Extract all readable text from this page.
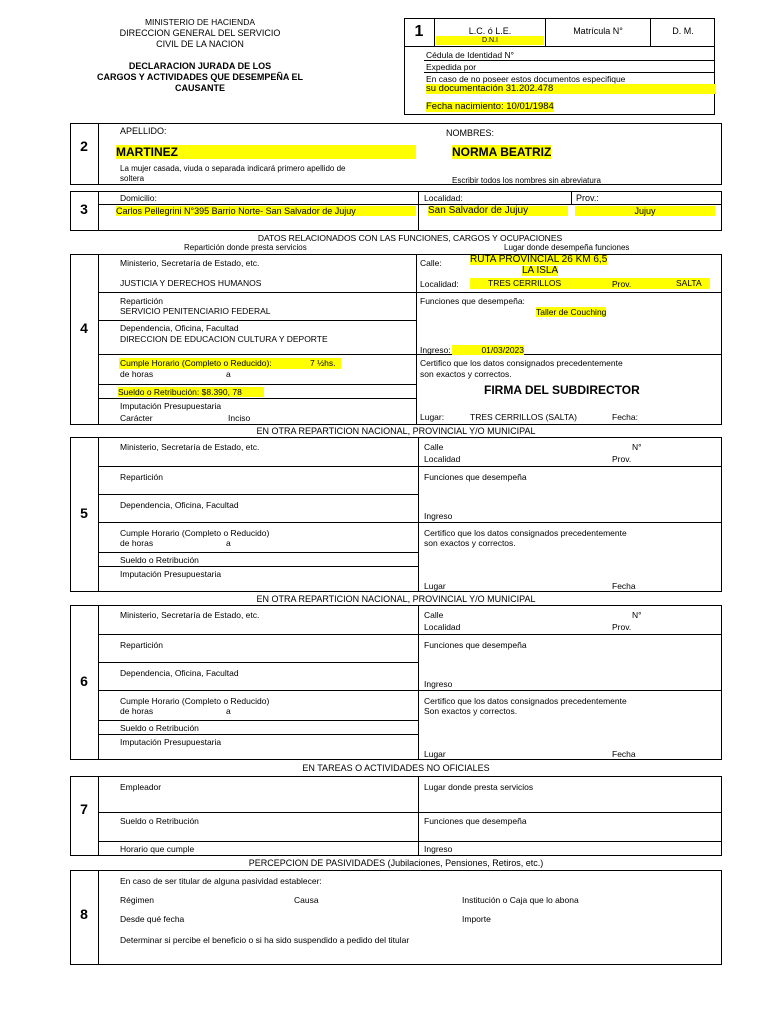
MINISTERIO DE HACIENDA
DIRECCION GENERAL DEL SERVICIO
CIVIL DE LA NACION
DECLARACION JURADA DE LOS
CARGOS Y ACTIVIDADES QUE DESEMPEÑA EL
CAUSANTE
1	L.C. ó L.E.
D.N.I
Matrícula N°	D. M.
Cédula de Identidad N°
Expedida por
En caso de no poseer estos documentos especifique
su documentación 31.202.478
Fecha nacimiento: 10/01/1984
2
APELLIDO:
MARTINEZ
NOMBRES:
NORMA BEATRIZ
La mujer casada, viuda o separada indicará primero apellido de
soltera	Escribir todos los nombres sin abreviatura
3
Domicilio:
Carlos Pellegrini N°395 Barrio Norte- San Salvador de Jujuy
Localidad:
San Salvador de Jujuy
Prov.:
Jujuy
DATOS RELACIONADOS CON LAS FUNCIONES, CARGOS Y OCUPACIONES
Repartición donde presta servicios	Lugar donde desempeña funciones
4
Ministerio, Secretaría de Estado, etc.
JUSTICIA Y DERECHOS HUMANOS
Repartición
SERVICIO PENITENCIARIO FEDERAL
Dependencia, Oficina, Facultad
DIRECCION DE EDUCACION CULTURA Y DEPORTE
Cumple Horario (Completo o Reducido):	7 ½hs.
de horas	a
Sueldo o Retribución: $8.390, 78
Imputación Presupuestaria
Carácter	Inciso
Calle:	RUTA PROVINCIAL 26 KM 6,5
LA ISLA
Localidad:	TRES CERRILLOS	Prov.	SALTA
Funciones que desempeña:
Taller de Couching
Ingreso:	01/03/2023
Certifico que los datos consignados precedentemente
son exactos y correctos.
FIRMA DEL SUBDIRECTOR
Lugar:	TRES CERRILLOS (SALTA)	Fecha:
EN OTRA REPARTICION NACIONAL, PROVINCIAL Y/O MUNICIPAL
5
Ministerio, Secretaría de Estado, etc.
Repartición
Dependencia, Oficina, Facultad
Cumple Horario (Completo o Reducido)
de horas	a
Sueldo o Retribución
Imputación Presupuestaria
Calle	N°
Localidad	Prov.
Funciones que desempeña
Ingreso
Certifico que los datos consignados precedentemente
son exactos y correctos.
Lugar	Fecha
EN OTRA REPARTICION NACIONAL, PROVINCIAL Y/O MUNICIPAL
6
Ministerio, Secretaría de Estado, etc.
Repartición
Dependencia, Oficina, Facultad
Cumple Horario (Completo o Reducido)
de horas	a
Sueldo o Retribución
Imputación Presupuestaria
Calle	N°
Localidad	Prov.
Funciones que desempeña
Ingreso
Certifico que los datos consignados precedentemente
Son exactos y correctos.
Lugar	Fecha
EN TAREAS O ACTIVIDADES NO OFICIALES
7
Empleador	Lugar donde presta servicios
Sueldo o Retribución	Funciones que desempeña
Horario que cumple	Ingreso
PERCEPCION DE PASIVIDADES (Jubilaciones, Pensiones, Retiros, etc.)
8
En caso de ser titular de alguna pasividad establecer:
Régimen	Causa	Institución o Caja que lo abona
Desde qué fecha	Importe
Determinar si percibe el beneficio o si ha sido suspendido a pedido del titular
